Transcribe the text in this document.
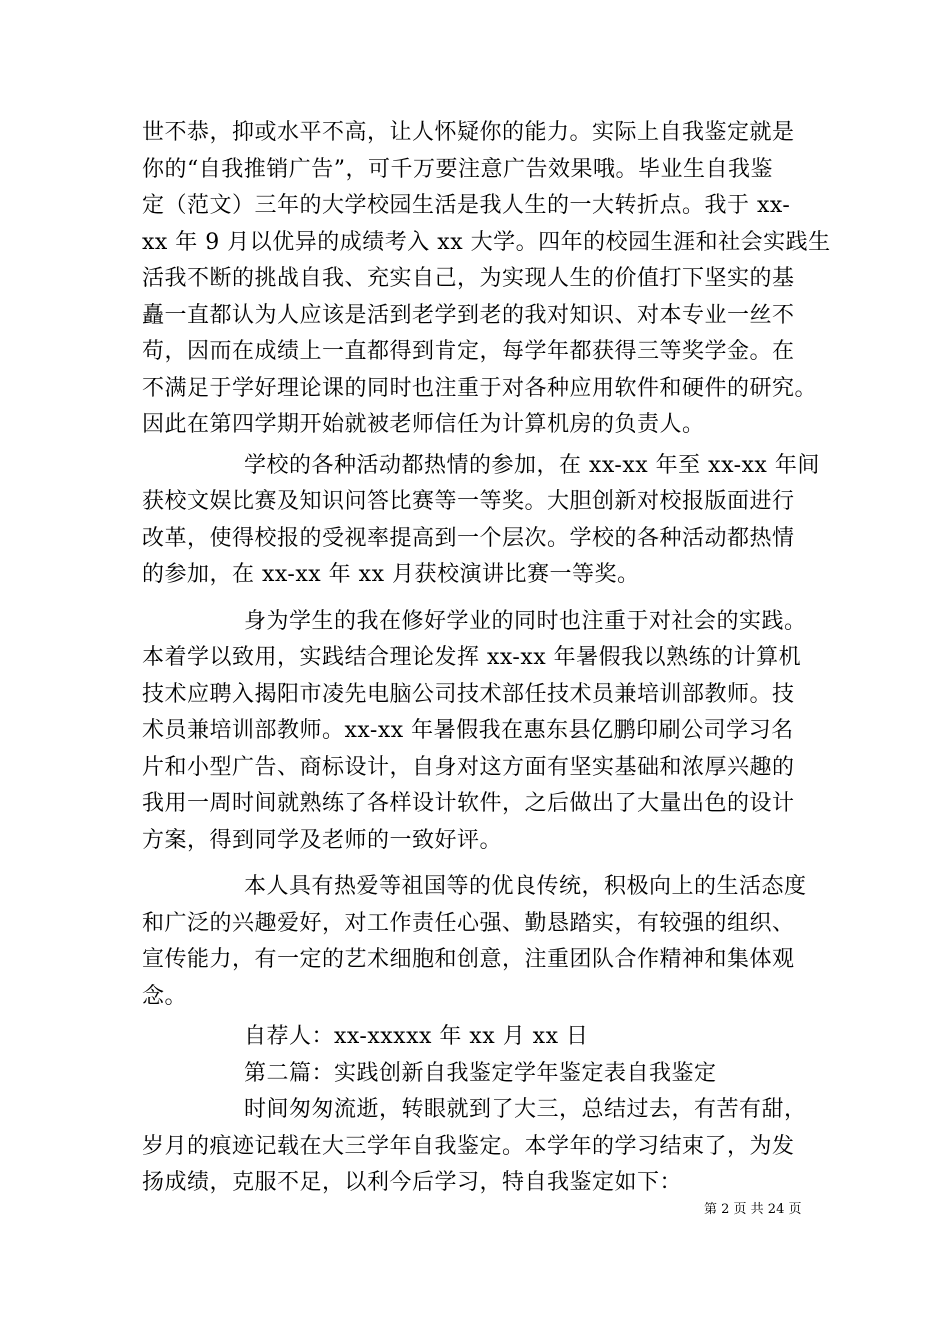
世不恭，抑或水平不高，让人怀疑你的能力。实际上自我鉴定就是
你的“自我推销广告”，可千万要注意广告效果哦。毕业生自我鉴
定（范文）三年的大学校园生活是我人生的一大转折点。我于 xx-
xx 年 9 月以优异的成绩考入 xx 大学。四年的校园生涯和社会实践生
活我不断的挑战自我、充实自己，为实现人生的价值打下坚实的基
矗一直都认为人应该是活到老学到老的我对知识、对本专业一丝不
苟，因而在成绩上一直都得到肯定，每学年都获得三等奖学金。在
不满足于学好理论课的同时也注重于对各种应用软件和硬件的研究。
因此在第四学期开始就被老师信任为计算机房的负责人。
学校的各种活动都热情的参加，在 xx-xx 年至 xx-xx 年间
获校文娱比赛及知识问答比赛等一等奖。大胆创新对校报版面进行
改革，使得校报的受视率提高到一个层次。学校的各种活动都热情
的参加，在 xx-xx 年 xx 月获校演讲比赛一等奖。
身为学生的我在修好学业的同时也注重于对社会的实践。
本着学以致用，实践结合理论发挥 xx-xx 年暑假我以熟练的计算机
技术应聘入揭阳市凌先电脑公司技术部任技术员兼培训部教师。技
术员兼培训部教师。xx-xx 年暑假我在惠东县亿鹏印刷公司学习名
片和小型广告、商标设计，自身对这方面有坚实基础和浓厚兴趣的
我用一周时间就熟练了各样设计软件，之后做出了大量出色的设计
方案，得到同学及老师的一致好评。
本人具有热爱等祖国等的优良传统，积极向上的生活态度
和广泛的兴趣爱好，对工作责任心强、勤恳踏实，有较强的组织、
宣传能力，有一定的艺术细胞和创意，注重团队合作精神和集体观
念。
自荐人：xx-xxxxx 年 xx 月 xx 日
第二篇：实践创新自我鉴定学年鉴定表自我鉴定
时间匆匆流逝，转眼就到了大三，总结过去，有苦有甜，
岁月的痕迹记载在大三学年自我鉴定。本学年的学习结束了，为发
扬成绩，克服不足，以利今后学习，特自我鉴定如下：
第 2 页 共 24 页
